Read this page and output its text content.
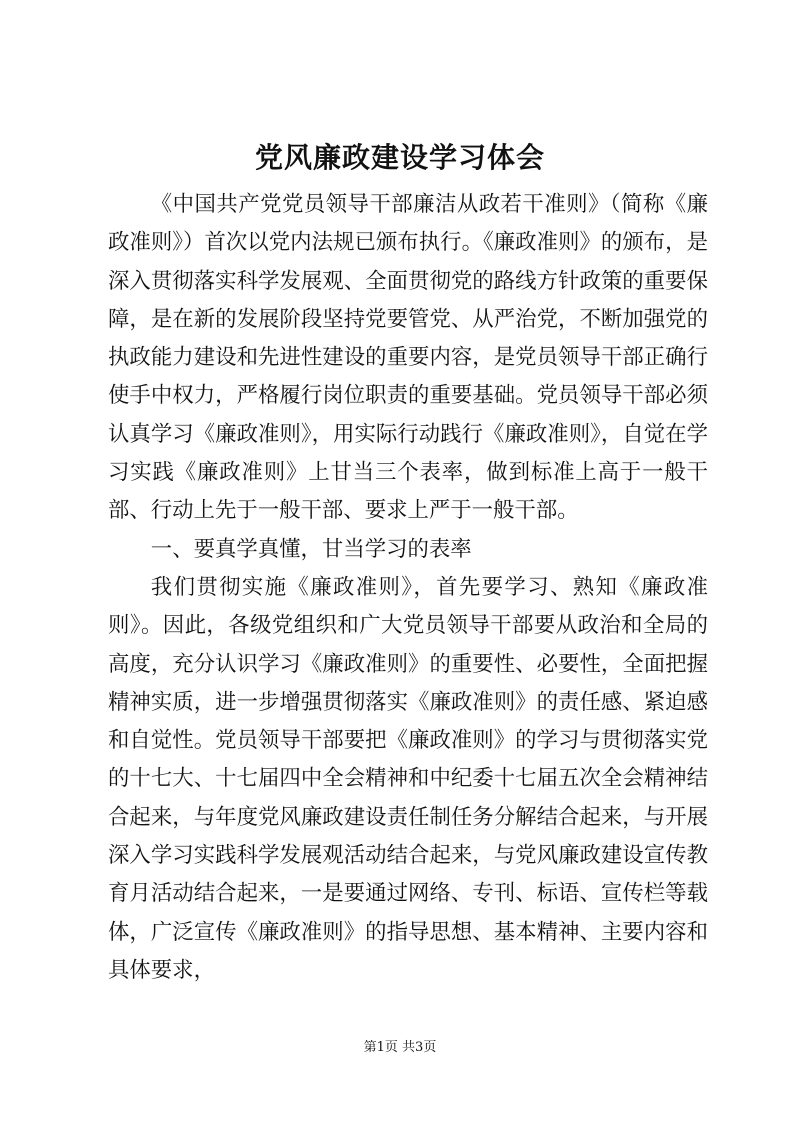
党风廉政建设学习体会

《中国共产党党员领导干部廉洁从政若干准则》（简称《廉政准则》）首次以党内法规已颁布执行。《廉政准则》的颁布，是深入贯彻落实科学发展观、全面贯彻党的路线方针政策的重要保障，是在新的发展阶段坚持党要管党、从严治党，不断加强党的执政能力建设和先进性建设的重要内容，是党员领导干部正确行使手中权力，严格履行岗位职责的重要基础。党员领导干部必须认真学习《廉政准则》，用实际行动践行《廉政准则》，自觉在学习实践《廉政准则》上甘当三个表率，做到标准上高于一般干部、行动上先于一般干部、要求上严于一般干部。

一、要真学真懂，甘当学习的表率

我们贯彻实施《廉政准则》，首先要学习、熟知《廉政准则》。因此，各级党组织和广大党员领导干部要从政治和全局的高度，充分认识学习《廉政准则》的重要性、必要性，全面把握精神实质，进一步增强贯彻落实《廉政准则》的责任感、紧迫感和自觉性。党员领导干部要把《廉政准则》的学习与贯彻落实党的十七大、十七届四中全会精神和中纪委十七届五次全会精神结合起来，与年度党风廉政建设责任制任务分解结合起来，与开展深入学习实践科学发展观活动结合起来，与党风廉政建设宣传教育月活动结合起来，一是要通过网络、专刊、标语、宣传栏等载体，广泛宣传《廉政准则》的指导思想、基本精神、主要内容和具体要求，

第1页 共3页
